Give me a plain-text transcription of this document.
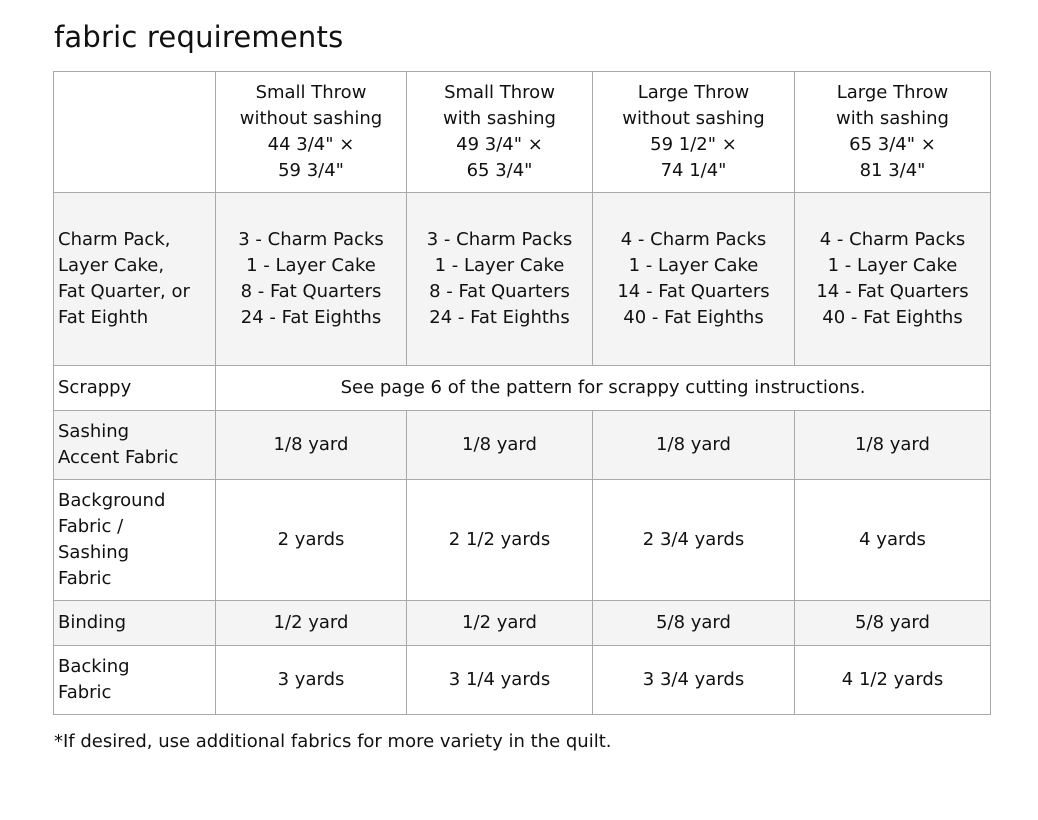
fabric requirements

	Small Throw
without sashing
44 3/4" ×
59 3/4"	Small Throw
with sashing
49 3/4" ×
65 3/4"	Large Throw
without sashing
59 1/2" ×
74 1/4"	Large Throw
with sashing
65 3/4" ×
81 3/4"

Charm Pack,
Layer Cake,
Fat Quarter, or
Fat Eighth	3 - Charm Packs
1 - Layer Cake
8 - Fat Quarters
24 - Fat Eighths	3 - Charm Packs
1 - Layer Cake
8 - Fat Quarters
24 - Fat Eighths	4 - Charm Packs
1 - Layer Cake
14 - Fat Quarters
40 - Fat Eighths	4 - Charm Packs
1 - Layer Cake
14 - Fat Quarters
40 - Fat Eighths

Scrappy	See page 6 of the pattern for scrappy cutting instructions.			

Sashing
Accent Fabric	1/8 yard	1/8 yard	1/8 yard	1/8 yard

Background
Fabric /
Sashing
Fabric	2 yards	2 1/2 yards	2 3/4 yards	4 yards

Binding	1/2 yard	1/2 yard	5/8 yard	5/8 yard

Backing
Fabric	3 yards	3 1/4 yards	3 3/4 yards	4 1/2 yards
*If desired, use additional fabrics for more variety in the quilt.
